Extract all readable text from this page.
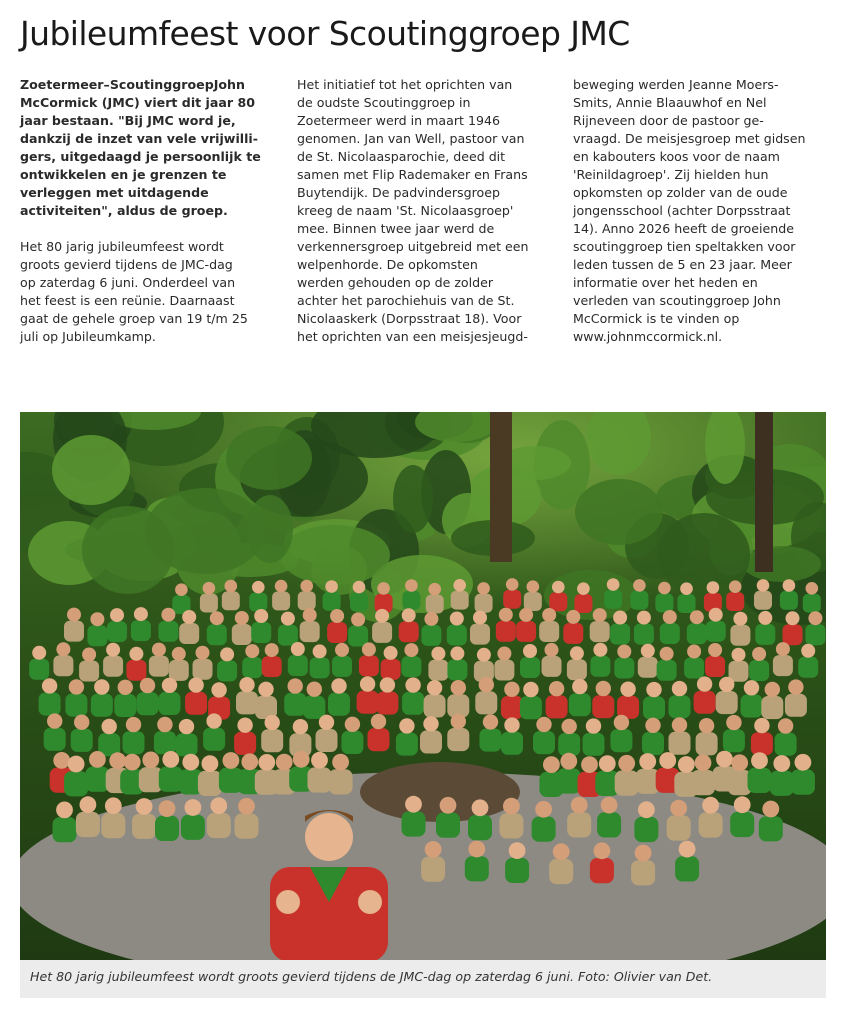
Jubileumfeest voor Scoutinggroep JMC

Zoetermeer–ScoutinggroepJohn
McCormick (JMC) viert dit jaar 80
jaar bestaan. "Bij JMC word je,
dankzij de inzet van vele vrijwilli-
gers, uitgedaagd je persoonlijk te
ontwikkelen en je grenzen te
verleggen met uitdagende
activiteiten", aldus de groep.

Het 80 jarig jubileumfeest wordt
groots gevierd tijdens de JMC-dag
op zaterdag 6 juni. Onderdeel van
het feest is een reünie. Daarnaast
gaat de gehele groep van 19 t/m 25
juli op Jubileumkamp.

Het initiatief tot het oprichten van
de oudste Scoutinggroep in
Zoetermeer werd in maart 1946
genomen. Jan van Well, pastoor van
de St. Nicolaasparochie, deed dit
samen met Flip Rademaker en Frans
Buytendijk. De padvindersgroep
kreeg de naam 'St. Nicolaasgroep'
mee. Binnen twee jaar werd de
verkennersgroep uitgebreid met een
welpenhorde. De opkomsten
werden gehouden op de zolder
achter het parochiehuis van de St.
Nicolaaskerk (Dorpsstraat 18). Voor
het oprichten van een meisjesjeugd-

beweging werden Jeanne Moers-
Smits, Annie Blaauwhof en Nel
Rijneveen door de pastoor ge-
vraagd. De meisjesgroep met gidsen
en kabouters koos voor de naam
'Reinildagroep'. Zij hielden hun
opkomsten op zolder van de oude
jongensschool (achter Dorpsstraat
14). Anno 2026 heeft de groeiende
scoutinggroep tien speltakken voor
leden tussen de 5 en 23 jaar. Meer
informatie over het heden en
verleden van scoutinggroep John
McCormick is te vinden op
www.johnmccormick.nl.

Het 80 jarig jubileumfeest wordt groots gevierd tijdens de JMC-dag op zaterdag 6 juni. Foto: Olivier van Det.
